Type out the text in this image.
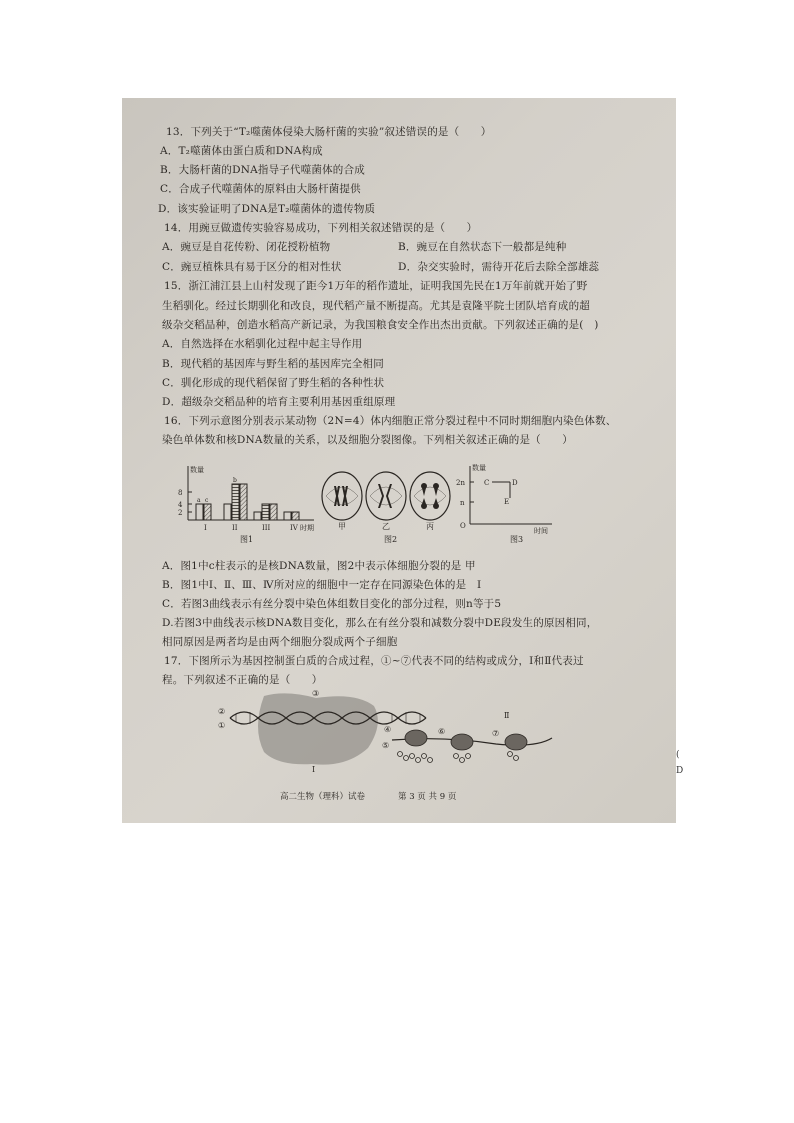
13．下列关于“T₂噬菌体侵染大肠杆菌的实验”叙述错误的是（　　）
A．T₂噬菌体由蛋白质和DNA构成
B．大肠杆菌的DNA指导子代噬菌体的合成
C．合成子代噬菌体的原料由大肠杆菌提供
D．该实验证明了DNA是T₂噬菌体的遗传物质
14．用豌豆做遗传实验容易成功，下列相关叙述错误的是（　　）
A．豌豆是自花传粉、闭花授粉植物	B．豌豆在自然状态下一般都是纯种
C．豌豆植株具有易于区分的相对性状	D．杂交实验时，需待开花后去除全部雄蕊
15．浙江浦江县上山村发现了距今1万年的稻作遗址，证明我国先民在1万年前就开始了野
生稻驯化。经过长期驯化和改良，现代稻产量不断提高。尤其是袁隆平院士团队培育成的超
级杂交稻品种，创造水稻高产新记录，为我国粮食安全作出杰出贡献。下列叙述正确的是(　)
A．自然选择在水稻驯化过程中起主导作用
B．现代稻的基因库与野生稻的基因库完全相同
C．驯化形成的现代稻保留了野生稻的各种性状
D．超级杂交稻品种的培育主要利用基因重组原理
16．下列示意图分别表示某动物（2N=4）体内细胞正常分裂过程中不同时期细胞内染色体数、
染色单体数和核DNA数量的关系，以及细胞分裂图像。下列相关叙述正确的是（　　）
数量
8
4
2
a c
b
I	II	III	IV 时期
图1
甲	乙	丙
图2
数量
2n
n
O
C	D
E
时间
图3
A．图1中c柱表示的是核DNA数量，图2中表示体细胞分裂的是 甲
B．图1中Ⅰ、Ⅱ、Ⅲ、Ⅳ所对应的细胞中一定存在同源染色体的是　Ⅰ
C．若图3曲线表示有丝分裂中染色体组数目变化的部分过程，则n等于5
D.若图3中曲线表示核DNA数目变化，那么在有丝分裂和减数分裂中DE段发生的原因相同，
相同原因是两者均是由两个细胞分裂成两个子细胞
17．下图所示为基因控制蛋白质的合成过程，①~⑦代表不同的结构或成分，Ⅰ和Ⅱ代表过
程。下列叙述不正确的是（　　）
③
②
①	④
⑤
⑥	⑦
Ⅰ
Ⅱ
高二生物（理科）试卷	第 3 页 共 9 页
(
D
